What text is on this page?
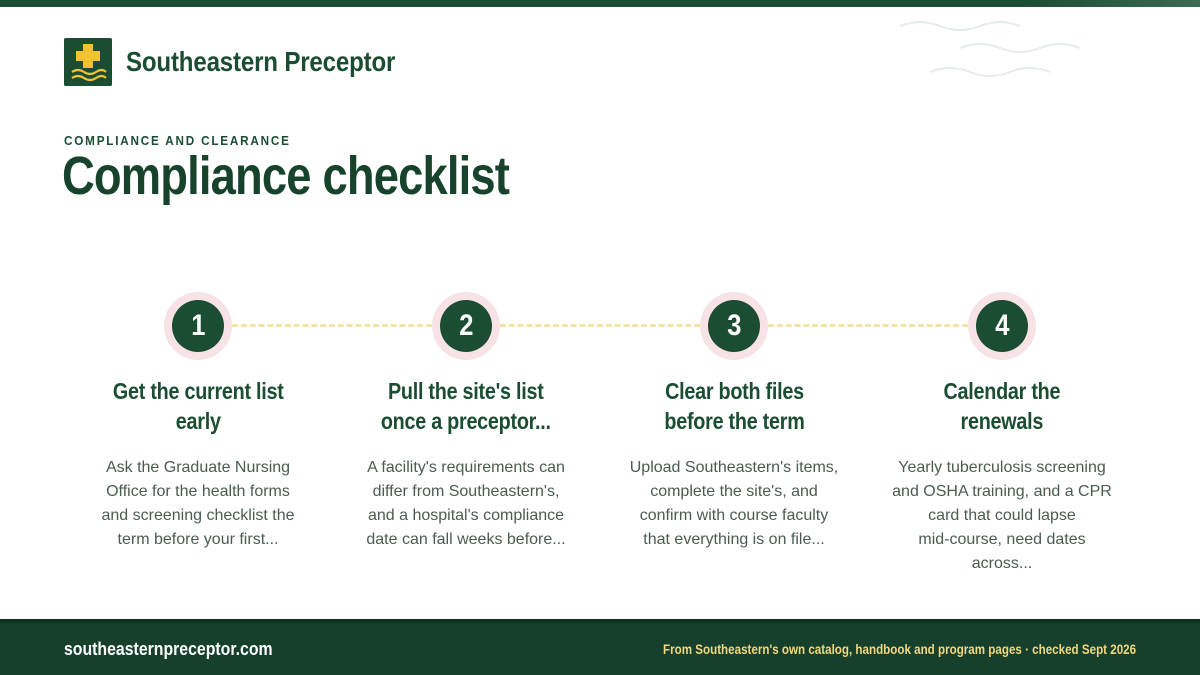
Southeastern Preceptor
COMPLIANCE AND CLEARANCE
Compliance checklist
1
Get the current list
early
Ask the Graduate Nursing
Office for the health forms
and screening checklist the
term before your first...
2
Pull the site's list
once a preceptor...
A facility's requirements can
differ from Southeastern's,
and a hospital's compliance
date can fall weeks before...
3
Clear both files
before the term
Upload Southeastern's items,
complete the site's, and
confirm with course faculty
that everything is on file...
4
Calendar the
renewals
Yearly tuberculosis screening
and OSHA training, and a CPR
card that could lapse
mid-course, need dates across...
southeasternpreceptor.com	From Southeastern's own catalog, handbook and program pages · checked Sept 2026
